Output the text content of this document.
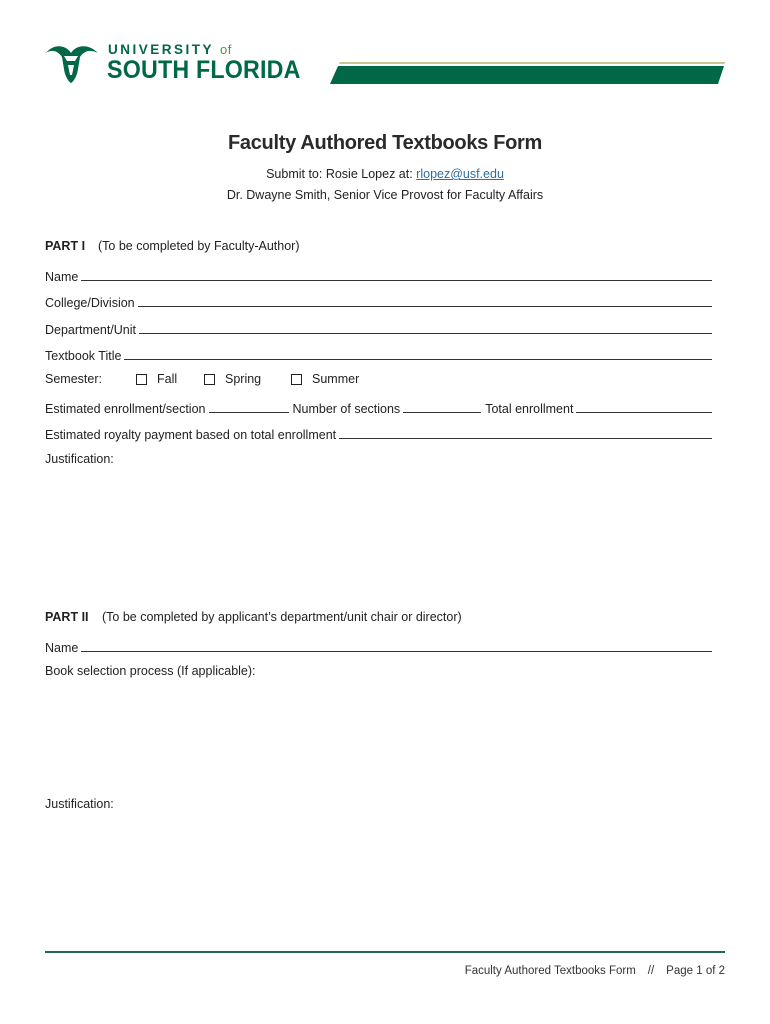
UNIVERSITY of
SOUTH FLORIDA
Faculty Authored Textbooks Form
Submit to: Rosie Lopez at: rlopez@usf.edu
Dr. Dwayne Smith, Senior Vice Provost for Faculty Affairs
PART I (To be completed by Faculty-Author)
Name
College/Division
Department/Unit
Textbook Title
Semester:	Fall	Spring	Summer
Estimated enrollment/section	Number of sections	Total enrollment
Estimated royalty payment based on total enrollment
Justification:
PART II (To be completed by applicant’s department/unit chair or director)
Name
Book selection process (If applicable):
Justification:
Faculty Authored Textbooks Form // Page 1 of 2
